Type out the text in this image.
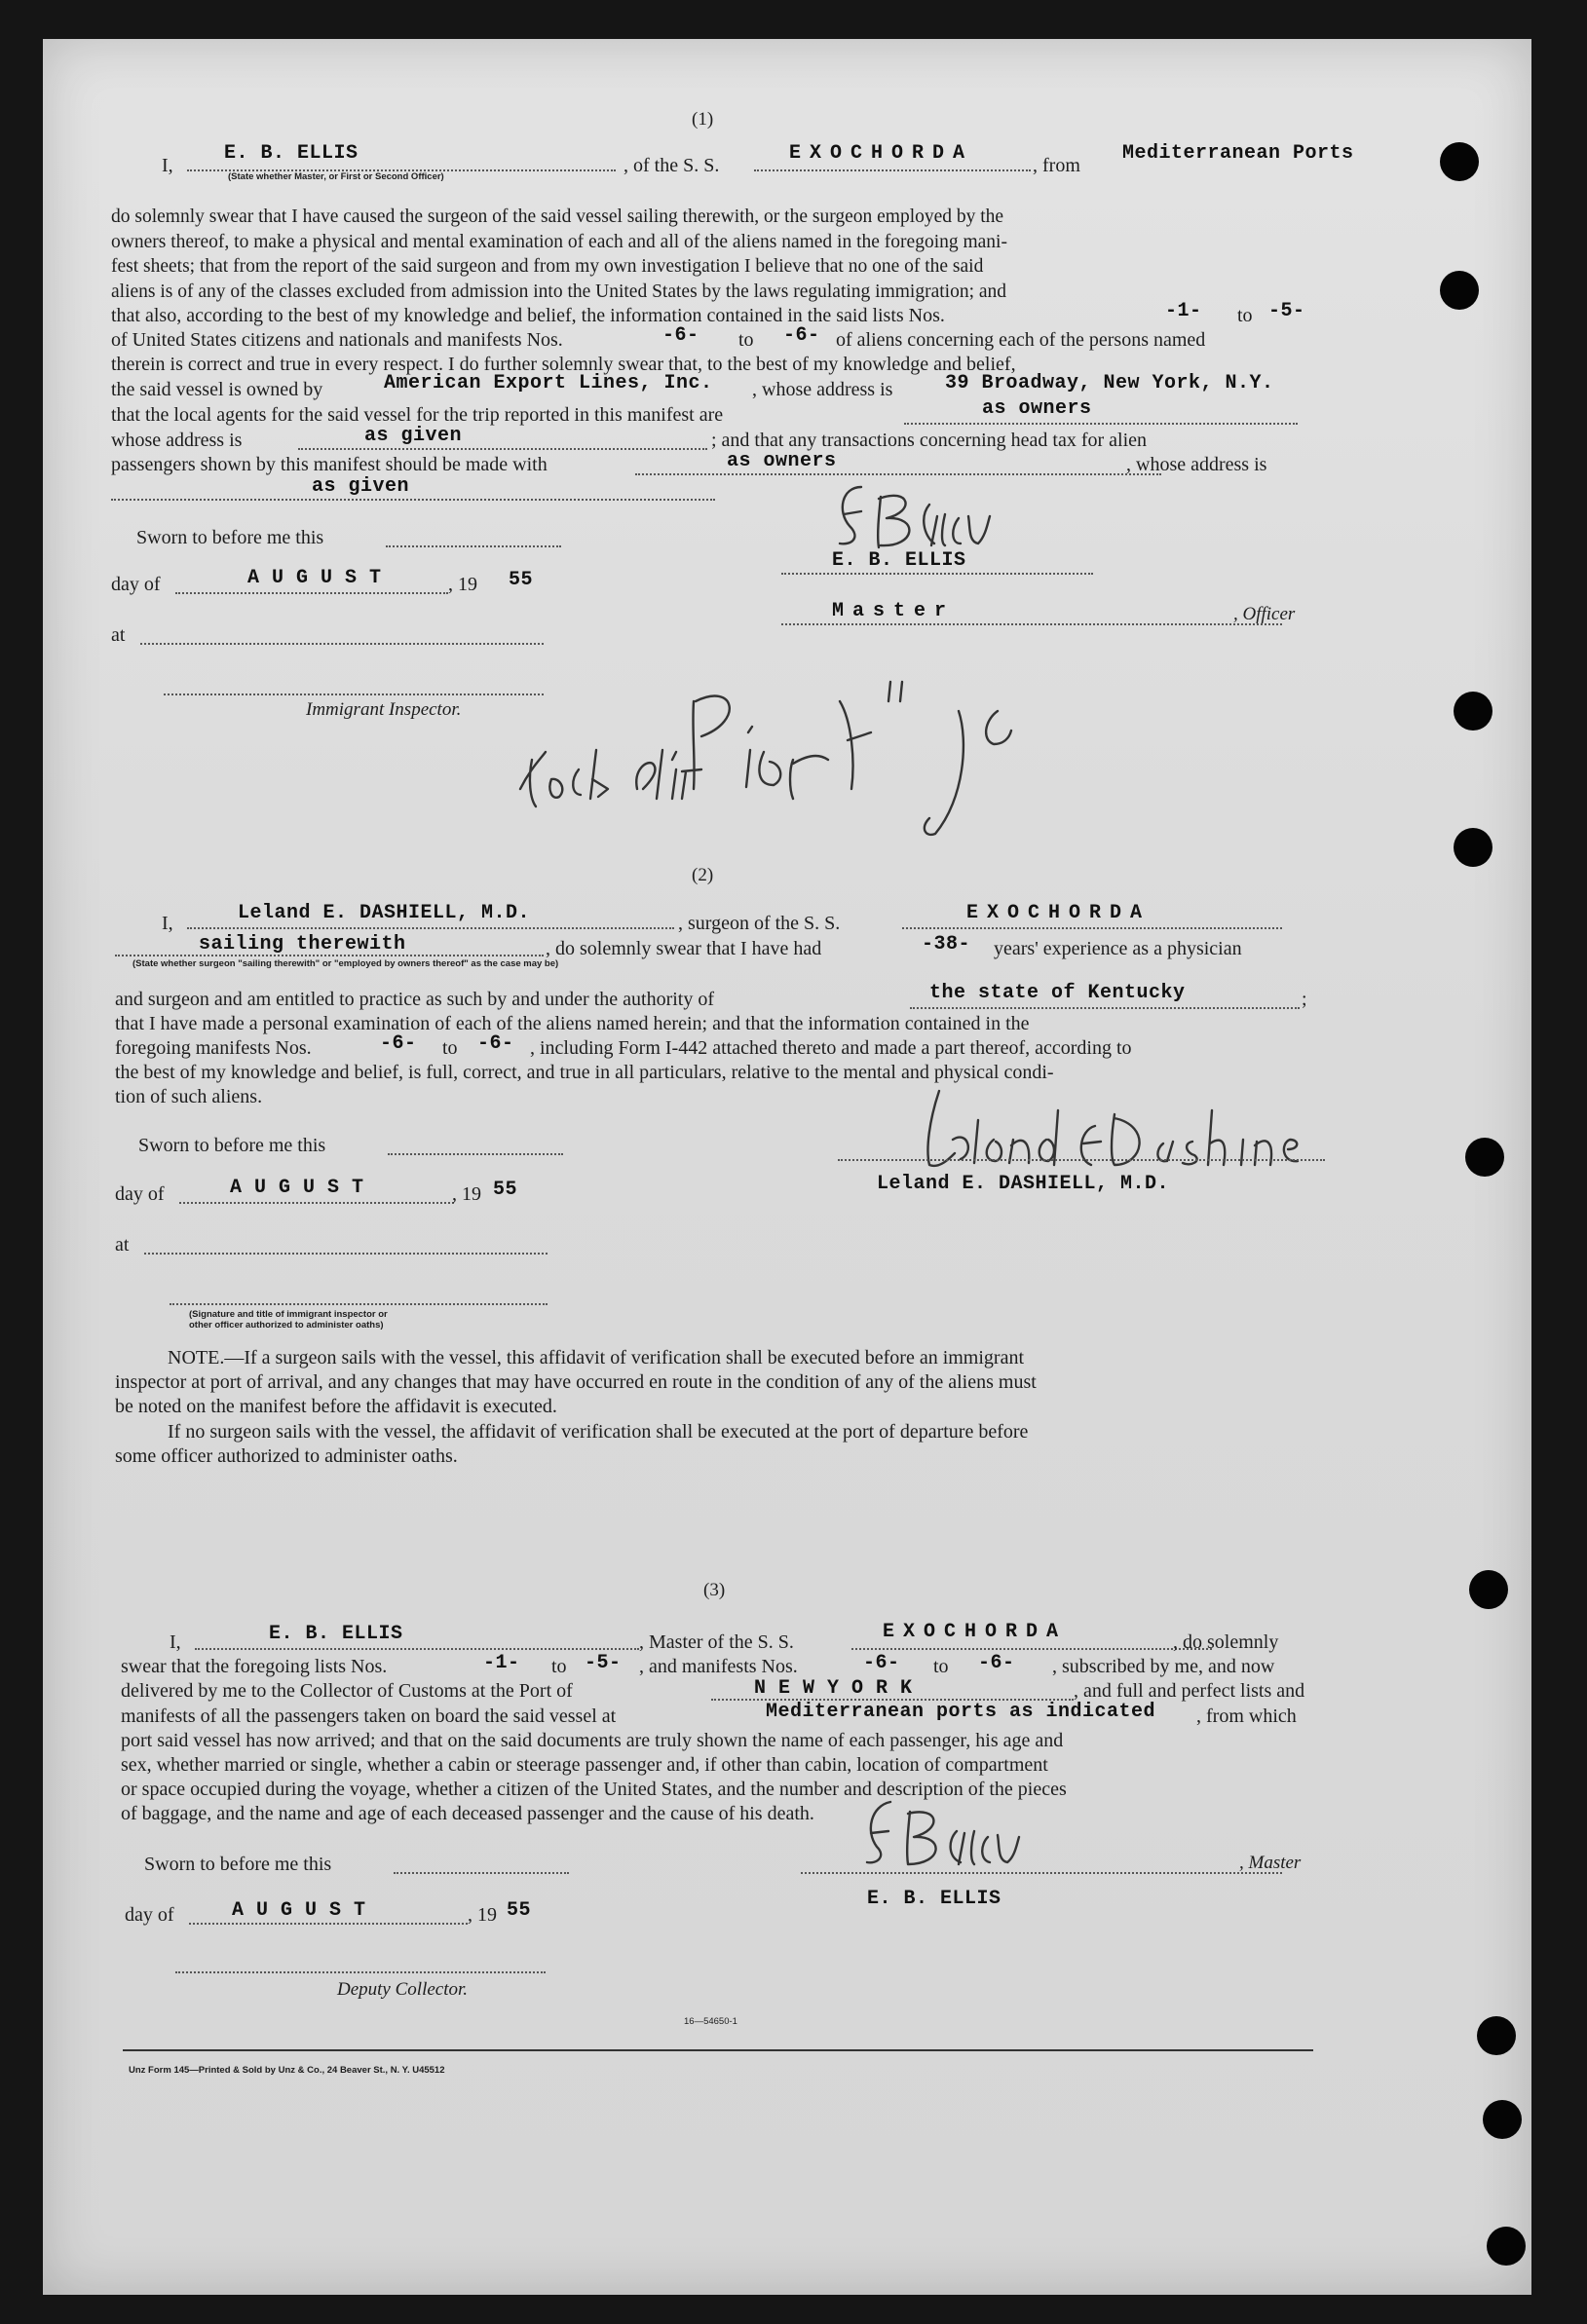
(1)
I,
E. B. ELLIS
(State whether Master, or First or Second Officer)
, of the S. S.
EXOCHORDA
, from
Mediterranean Ports

do solemnly swear that I have caused the surgeon of the said vessel sailing therewith, or the surgeon employed by the

owners thereof, to make a physical and mental examination of each and all of the aliens named in the foregoing mani-

fest sheets; that from the report of the said surgeon and from my own investigation I believe that no one of the said

aliens is of any of the classes excluded from admission into the United States by the laws regulating immigration; and

that also, according to the best of my knowledge and belief, the information contained in the said lists Nos.	-1- to -5-
of United States citizens and nationals and manifests Nos.	-6- to -6- of aliens concerning each of the persons named
therein is correct and true in every respect. I do further solemnly swear that, to the best of my knowledge and belief,
the said vessel is owned by	American Export Lines, Inc. , whose address is	39 Broadway, New York, N.Y.
that the local agents for the said vessel for the trip reported in this manifest are	as owners
whose address is	as given	; and that any transactions concerning head tax for alien
passengers shown by this manifest should be made with	as owners	, whose address is
as given
Sworn to before me this
day of	A U G U S T	, 19 55
E. B. ELLIS
Master	, Officer
at
Immigrant Inspector.
(2)
I,	Leland E. DASHIELL, M.D.	, surgeon of the S. S.	EXOCHORDA
sailing therewith	, do solemnly swear that I have had	-38- years' experience as a physician
(State whether surgeon "sailing therewith" or "employed by owners thereof" as the case may be)
and surgeon and am entitled to practice as such by and under the authority of	the state of Kentucky	;
that I have made a personal examination of each of the aliens named herein; and that the information contained in the
foregoing manifests Nos.	-6- to -6- , including Form I-442 attached thereto and made a part thereof, according to
the best of my knowledge and belief, is full, correct, and true in all particulars, relative to the mental and physical condi-
tion of such aliens.
Sworn to before me this
day of	A U G U S T	, 19 55	Leland E. DASHIELL, M.D.
at
(Signature and title of immigrant inspector or
other officer authorized to administer oaths)
NOTE.—If a surgeon sails with the vessel, this affidavit of verification shall be executed before an immigrant
inspector at port of arrival, and any changes that may have occurred en route in the condition of any of the aliens must
be noted on the manifest before the affidavit is executed.
If no surgeon sails with the vessel, the affidavit of verification shall be executed at the port of departure before
some officer authorized to administer oaths.
(3)
I,	E. B. ELLIS	, Master of the S. S.	EXOCHORDA	, do solemnly
swear that the foregoing lists Nos.	-1- to -5- , and manifests Nos.	-6- to -6- , subscribed by me, and now
delivered by me to the Collector of Customs at the Port of	N E W Y O R K	, and full and perfect lists and
manifests of all the passengers taken on board the said vessel at	Mediterranean ports as indicated , from which
port said vessel has now arrived; and that on the said documents are truly shown the name of each passenger, his age and
sex, whether married or single, whether a cabin or steerage passenger and, if other than cabin, location of compartment
or space occupied during the voyage, whether a citizen of the United States, and the number and description of the pieces
of baggage, and the name and age of each deceased passenger and the cause of his death.
Sworn to before me this	, Master
day of	A U G U S T	, 19 55
E. B. ELLIS
Deputy Collector.
16—54650-1
Unz Form 145—Printed & Sold by Unz & Co., 24 Beaver St., N. Y. U45512
